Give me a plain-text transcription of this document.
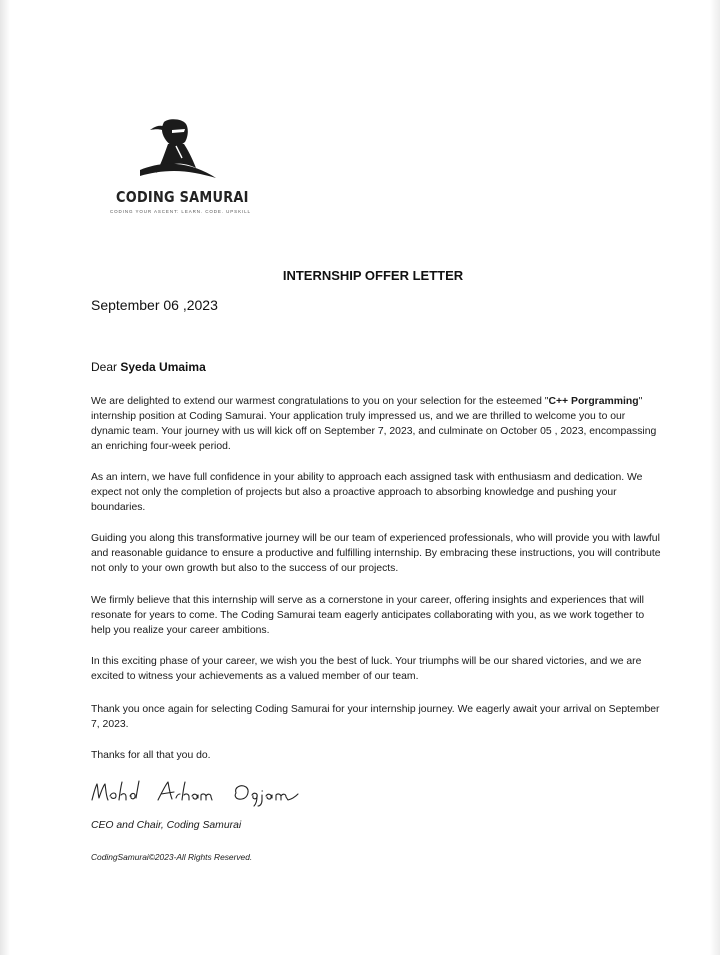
CODING SAMURAI
CODING YOUR ASCENT: LEARN. CODE. UPSKILL
INTERNSHIP OFFER LETTER
September 06 ,2023
Dear Syeda Umaima

We are delighted to extend our warmest congratulations to you on your selection for the esteemed "C++ Porgramming" internship position at Coding Samurai. Your application truly impressed us, and we are thrilled to welcome you to our dynamic team. Your journey with us will kick off on September 7, 2023, and culminate on October 05 , 2023, encompassing an enriching four-week period.

As an intern, we have full confidence in your ability to approach each assigned task with enthusiasm and dedication. We expect not only the completion of projects but also a proactive approach to absorbing knowledge and pushing your boundaries.

Guiding you along this transformative journey will be our team of experienced professionals, who will provide you with lawful and reasonable guidance to ensure a productive and fulfilling internship. By embracing these instructions, you will contribute not only to your own growth but also to the success of our projects.

We firmly believe that this internship will serve as a cornerstone in your career, offering insights and experiences that will resonate for years to come. The Coding Samurai team eagerly anticipates collaborating with you, as we work together to help you realize your career ambitions.

In this exciting phase of your career, we wish you the best of luck. Your triumphs will be our shared victories, and we are excited to witness your achievements as a valued member of our team.

Thank you once again for selecting Coding Samurai for your internship journey. We eagerly await your arrival on September 7, 2023.

Thanks for all that you do.

CEO and Chair, Coding Samurai
CodingSamurai©2023-All Rights Reserved.
